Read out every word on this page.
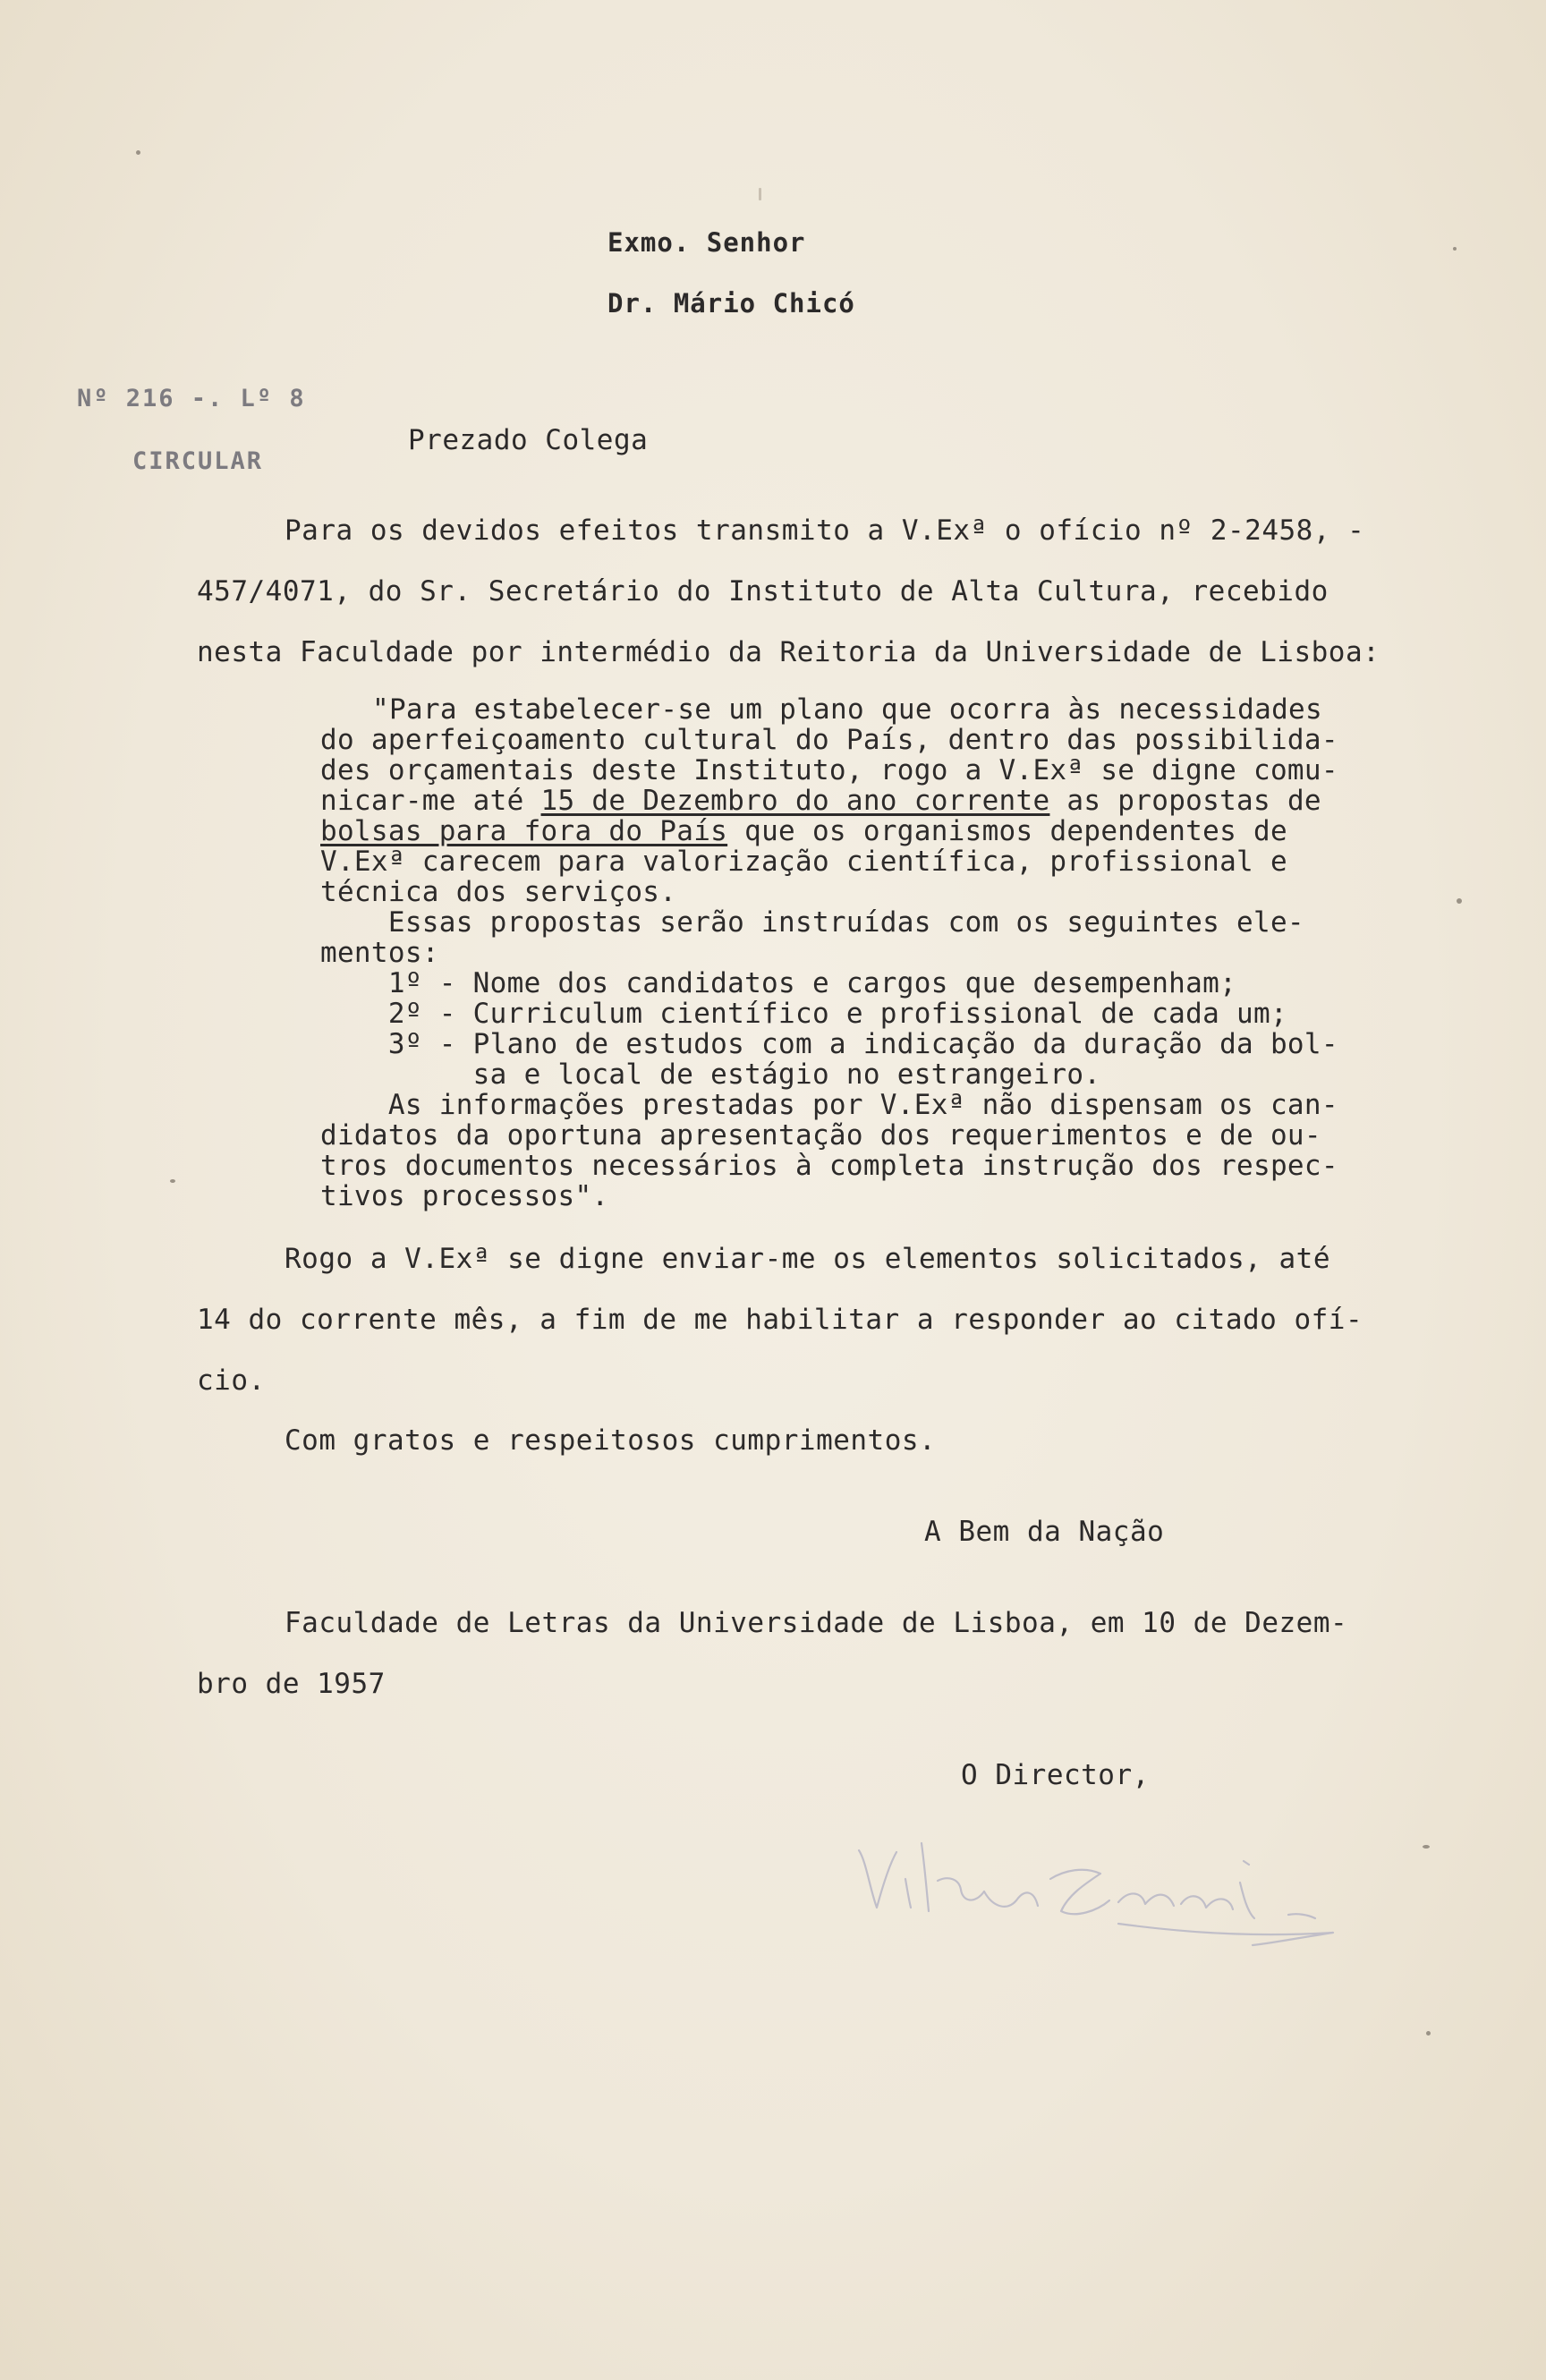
Exmo. Senhor
Dr. Mário Chicó
Nº 216 -. Lº 8
CIRCULAR
Prezado Colega
Para os devidos efeitos transmito a V.Exª o ofício nº 2-2458, -
457/4071, do Sr. Secretário do Instituto de Alta Cultura, recebido
nesta Faculdade por intermédio da Reitoria da Universidade de Lisboa:
"Para estabelecer-se um plano que ocorra às necessidades
do aperfeiçoamento cultural do País, dentro das possibilida-
des orçamentais deste Instituto, rogo a V.Exª se digne comu-
nicar-me até 15 de Dezembro do ano corrente as propostas de
bolsas para fora do País que os organismos dependentes de
V.Exª carecem para valorização científica, profissional e
técnica dos serviços.
Essas propostas serão instruídas com os seguintes ele-
mentos:
1º - Nome dos candidatos e cargos que desempenham;
2º - Curriculum científico e profissional de cada um;
3º - Plano de estudos com a indicação da duração da bol-
sa e local de estágio no estrangeiro.
As informações prestadas por V.Exª não dispensam os can-
didatos da oportuna apresentação dos requerimentos e de ou-
tros documentos necessários à completa instrução dos respec-
tivos processos".
Rogo a V.Exª se digne enviar-me os elementos solicitados, até
14 do corrente mês, a fim de me habilitar a responder ao citado ofí-
cio.
Com gratos e respeitosos cumprimentos.
A Bem da Nação
Faculdade de Letras da Universidade de Lisboa, em 10 de Dezem-
bro de 1957
O Director,
